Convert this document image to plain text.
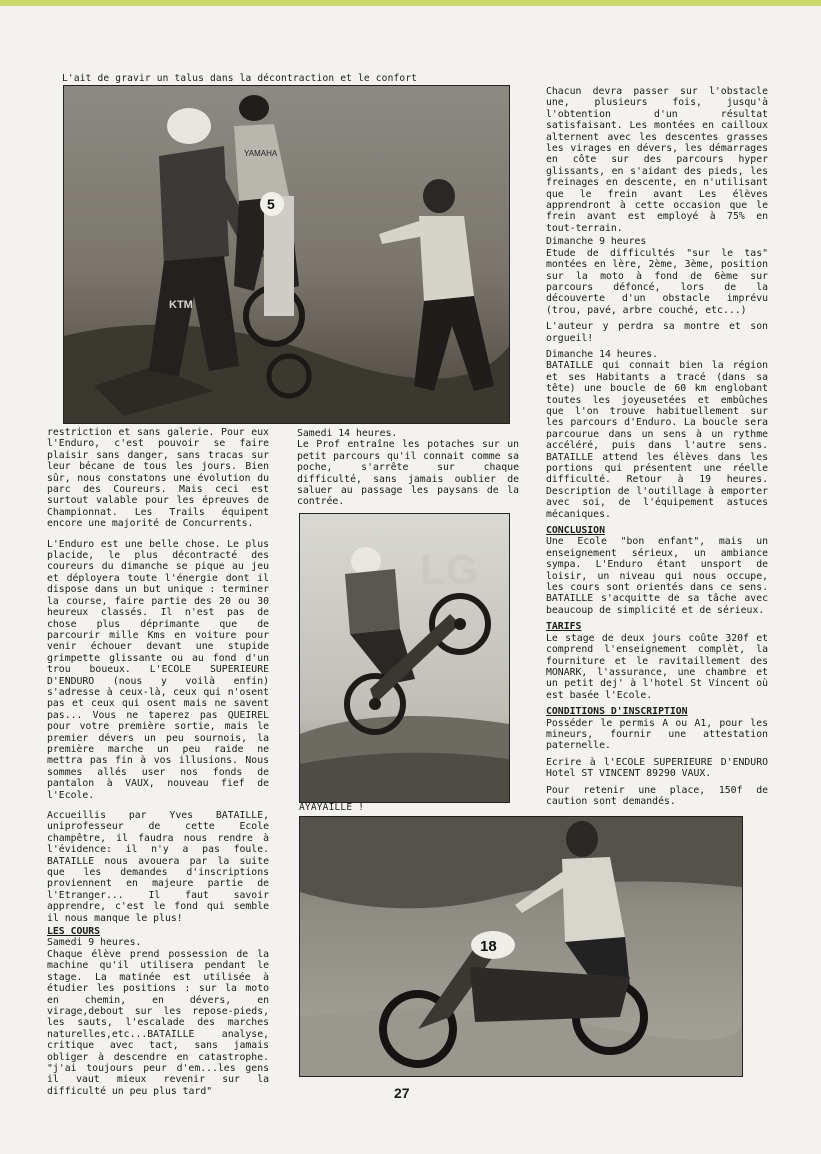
L'ait de gravir un talus dans la décontraction et le confort
KTM
YAMAHA
5

restriction et sans galerie. Pour eux l'Enduro, c'est pouvoir se faire plaisir sans danger, sans tracas sur leur bécane de tous les jours. Bien sûr, nous constatons une évolution du parc des Coureurs. Mais ceci est surtout valable pour les épreuves de Championnat. Les Trails équipent encore une majorité de Concurrents.

L'Enduro est une belle chose. Le plus placide, le plus décontracté des coureurs du dimanche se pique au jeu et déployera toute l'énergie dont il dispose dans un but unique : terminer la course, faire partie des 20 ou 30 heureux classés. Il n'est pas de chose plus déprimante que de parcourir mille Kms en voiture pour venir échouer devant une stupide grimpette glissante ou au fond d'un trou boueux. L'ECOLE SUPERIEURE D'ENDURO (nous y voilà enfin) s'adresse à ceux-là, ceux qui n'osent pas et ceux qui osent mais ne savent pas... Vous ne taperez pas QUEIREL pour votre première sortie, mais le premier dévers un peu sournois, la première marche un peu raide ne mettra pas fin à vos illusions. Nous sommes allés user nos fonds de pantalon à VAUX, nouveau fief de l'Ecole.

Accueillis par Yves BATAILLE, uniprofesseur de cette Ecole champêtre, il faudra nous rendre à l'évidence: il n'y a pas foule. BATAILLE nous avouera par la suite que les demandes d'inscriptions proviennent en majeure partie de l'Etranger... Il faut savoir apprendre, c'est le fond qui semble il nous manque le plus!

LES COURS

Samedi 9 heures.

Chaque élève prend possession de la machine qu'il utilisera pendant le stage. La matinée est utilisée à étudier les positions : sur la moto en chemin, en dévers, en virage,debout sur les repose-pieds, les sauts, l'escalade des marches naturelles,etc...BATAILLE analyse, critique avec tact, sans jamais obliger à descendre en catastrophe. "j'ai toujours peur d'em...les gens il vaut mieux revenir sur la difficulté un peu plus tard"

Samedi 14 heures.

Le Prof entraîne les potaches sur un petit parcours qu'il connait comme sa poche, s'arrête sur chaque difficulté, sans jamais oublier de saluer au passage les paysans de la contrée.

LG
AYAYAILLE !

Chacun devra passer sur l'obstacle une, plusieurs fois, jusqu'à l'obtention d'un résultat satisfaisant. Les montées en cailloux alternent avec les descentes grasses les virages en dévers, les démarrages en côte sur des parcours hyper glissants, en s'aidant des pieds, les freinages en descente, en n'utilisant que le frein avant Les élèves apprendront à cette occasion que le frein avant est employé à 75% en tout-terrain.

Dimanche 9 heures

Etude de difficultés "sur le tas" montées en lère, 2ème, 3ème, position sur la moto à fond de 6ème sur parcours défoncé, lors de la découverte d'un obstacle imprévu (trou, pavé, arbre couché, etc...)

L'auteur y perdra sa montre et son orgueil!

Dimanche 14 heures.

BATAILLE qui connait bien la région et ses Habitants a tracé (dans sa tête) une boucle de 60 km englobant toutes les joyeusetées et embûches que l'on trouve habituellement sur les parcours d'Enduro. La boucle sera parcourue dans un sens à un rythme accéléré, puis dans l'autre sens. BATAILLE attend les élèves dans les portions qui présentent une réelle difficulté. Retour à 19 heures. Description de l'outillage à emporter avec soi, de l'équipement astuces mécaniques.

CONCLUSION

Une Ecole "bon enfant", mais un enseignement sérieux, un ambiance sympa. L'Enduro étant unsport de loisir, un niveau qui nous occupe, les cours sont orientés dans ce sens. BATAILLE s'acquitte de sa tâche avec beaucoup de simplicité et de sérieux.

TARIFS

Le stage de deux jours coûte 320f et comprend l'enseignement complèt, la fourniture et le ravitaillement des MONARK, l'assurance, une chambre et un petit dej' à l'hotel St Vincent où est basée l'Ecole.

CONDITIONS D'INSCRIPTION

Posséder le permis A ou A1, pour les mineurs, fournir une attestation paternelle.

Ecrire à l'ECOLE SUPERIEURE D'ENDURO Hotel ST VINCENT 89290 VAUX.

Pour retenir une place, 150f de caution sont demandés.

18
27
